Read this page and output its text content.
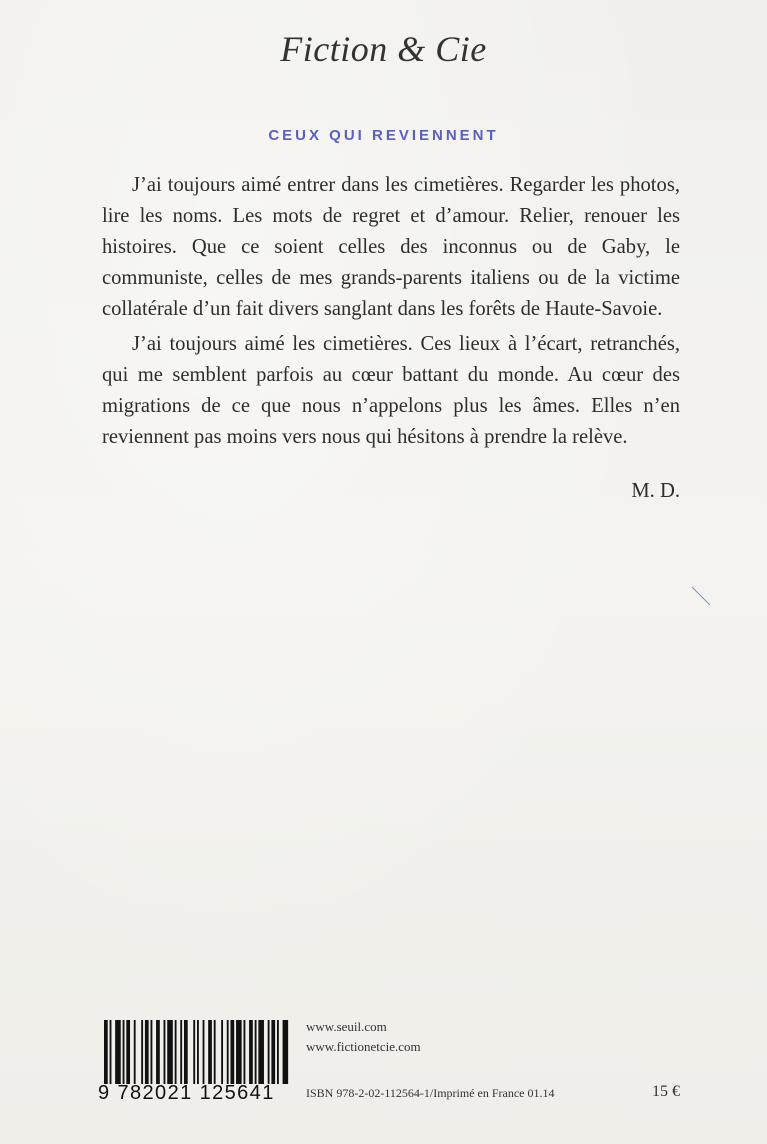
Fiction & Cie
CEUX QUI REVIENNENT

J’ai toujours aimé entrer dans les cimetières. Regarder les photos, lire les noms. Les mots de regret et d’amour. Relier, renouer les histoires. Que ce soient celles des inconnus ou de Gaby, le communiste, celles de mes grands-parents italiens ou de la victime collatérale d’un fait divers sanglant dans les forêts de Haute-Savoie.

J’ai toujours aimé les cimetières. Ces lieux à l’écart, retranchés, qui me semblent parfois au cœur battant du monde. Au cœur des migrations de ce que nous n’appelons plus les âmes. Elles n’en reviennent pas moins vers nous qui hésitons à prendre la relève.

M. D.
9 782021 125641
www.seuil.com
www.fictionetcie.com
ISBN 978-2-02-112564-1/Imprimé en France 01.14	15 €
